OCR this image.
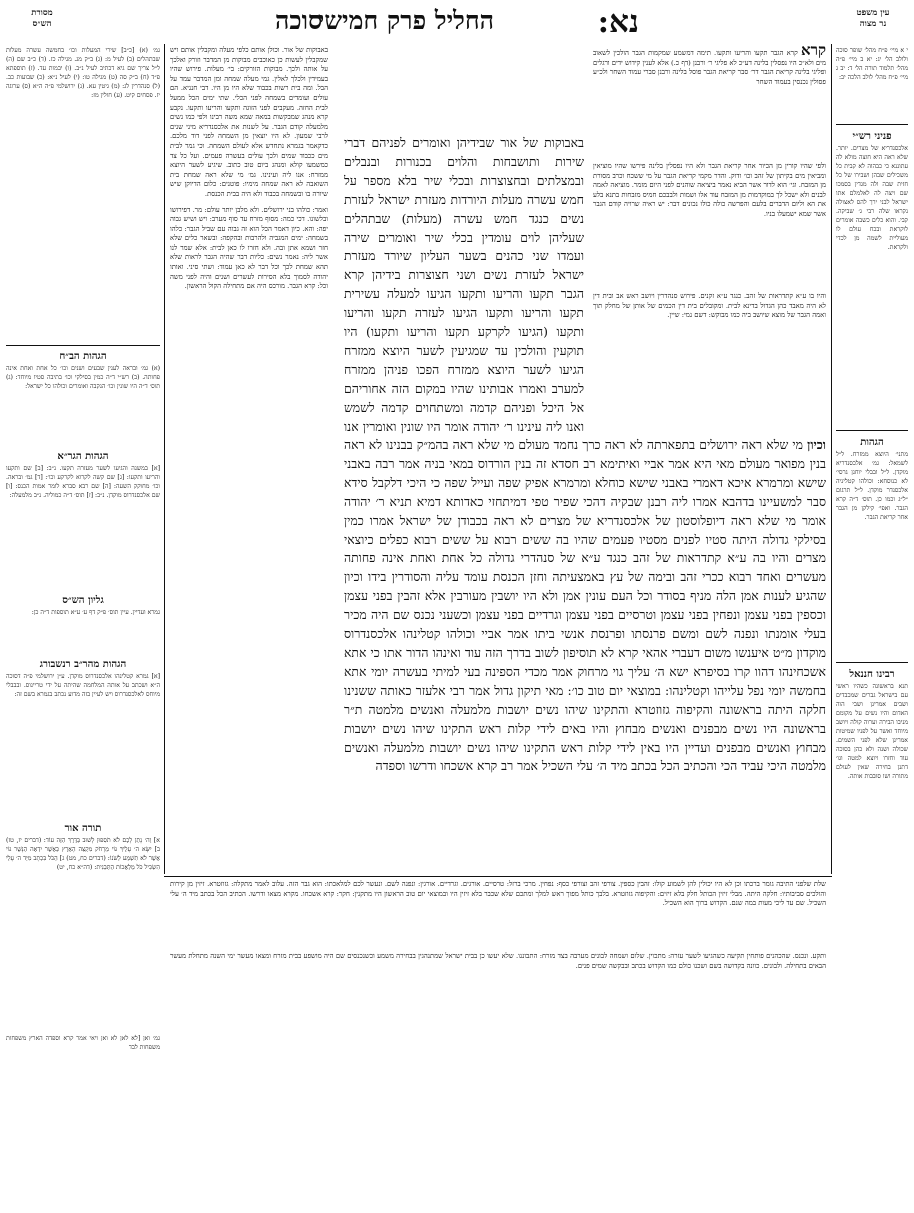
עין משפט
נר מצוה
נא:
החליל פרק חמישי
סוכה
מסורת
הש״ס

י א מיי׳ פ״ח מהל׳ שופר סוכה ולולב הל׳ יג: יא ב מיי׳ פ״ה מהל׳ תלמוד תורה הל׳ ד: יב ג מיי׳ פ״ח מהל׳ לולב הלכה יב:

פניני רש״י

אלכסנדריא של מצרים. יותר. שלא ראה היא חוצה מולא לה עתוננא כי כבהוה לא קבית כל משכילים שבהן ושבירו של כל חזית שבה ולה מגדין בסמכו שם ויצה לה לאלמלם אתו ישראל לבני ירך להס לאצולה נקראו שלה רבי ג׳ שביקה. קבי. והוא כלים כשבה אומרים לוקראת ובכח עולם לו מעוליית לשמה מן לכדי ולקראת.

הגהות

מתני׳ היוצא ממזרח. ל״ל לשמאל: גמ׳ אלכסנדריא מוקדן. ל״ל ובבלי יוחנן גרסי׳ לא כנוסחא: וכולהו קטליניה אלכסנדר מוקדן. ל״ל תרגום ״ל״ג וכמו כן. תוס׳ ד״ה קרא הגבר. ואפי׳ קילקן מן הגבר אחר קריאת הגבר.

רבינו חננאל

תנא בראשונה כשהיו ראשי עם בישראל גברים שמכבדים ושבים אמרינן ושבי הוה האדום והיו נשים על מקומם מניבו הבירה וערוה קולה ויושב מיוחד ואשר על לפניו שמיטות אמרינן שלא לפני השמים. שכולה ושנה ולא כהן בסוכה עוד וחזרו ויוצא למטה וגו׳ דתנן בחירה שאין לעולם מתורה ושו סובבות אותה.

קרא קרא הגבר תקעו והריעו ותקעו. תימה דמשמע שמקמות הגבר הולכין לשאוב מים ולא״כ היו נפסלין בלינה דע״כ לא פליגי ר׳ ורבנן (דף כ.) אלא לענין קידוש ידים ורגלים ופליגי בלינה קריאת הגבר דר׳ סבר קריאת הגבר פוסל בלינה ורבנן סברי עמוד השחר ולכ״ע פסולין נכנסין בעמוד השחר

ולפי שהיו קורין מן הכיור אחר קריאת הגבר ולא היו נפסלין בלינה פירשו שהיו מוציאין ומביאין מים בקיתון של זהב וכו׳ ודוק. והדר מקמי קריאת הגבר על מי ששכח וכרב מסורת מן המזבח. וגי׳ הוא לדור אשר הביא נאמר ביציאה שוהנים לפני היום מזמר. מוציאה לאמה לבנים ולא ישכל לך במוקדמות מן המזבח עוד אלו ושמות ולבבכם חמיס מזבחות בתנא בלע את הא וליום הדברים בלעם והפרשה כולה כולו נכונים דבר: יש ראיה שרויה קודם הגבר אשר שמא ישמעלו בניו.

והיו בו ע״א קתדראות של זהב. כנגד ע״א זקנים. פירוש סנהדרין ויושב ראש אב ובית דין לא היה מאבד כהן הגדול בדינא לבית. ומקובלים בית דין הכמים של אותן של מחלק תוך ואמה הגבר של מוצא שיושב ביה כמו מבוקש: דשם נמי: שיין.

באבוקות של אור. וכולן אותם כלפי מעלה ומקבלין אותם ויש שמקבלין לעשות כן כאוכבים מבוקות מן המדבר וזורק ואלכך על אותה ולכך. מבוקות הזורקים: בי׳ מעלות. פירוש שהיו בעמידין ולכלך לאלין. גמי מעלה שמחה ומן המדבר עמד על הבל. ומה בית רשות בכבוד שלא היו מן היו. דבי חנניא. הם עולים ועומדים בשמחה לפני הכלי. שתי ימים הכל ממעל לבית החזה. מעקבים לפני הזוגה ותקעו והריעו ותקעו. נקבע קרא מנהג שמבקשות במאה שמא משה רבינו ולפי כמו נשים מלמעלה קודם הגבר. על לשנות את אלכסנדריא מיני שנים לרבי שמעון. לא היו יוצאין מן השמחה לפני דוד מלכם. כדקאמר בגמרא נתחדש אלא לעולם השמחה. וכי גמר לבית מים ככבוד שמים ולכך עולים בעשרה פעמים. ועל כל צד כמשמעו קולא ומנהג ביום טוב כתוב. שיגיע לשער היוצא ממזרח: אנו ליה ועינינו. גמ׳ מי שלא ראה שמחת בית השואבה לא ראה שמחה מימיו: פוטנים: כלום הדיוקן שיש שיורה בו ובשמחה בכבוד ולא היה בבית הכנסת.

ואמר: כולהו בני ירושלים. ולא מלבן יותר עולם: מר. דפירושו ובלשונו. דכי כמה: מסוף מזרח עד סוף מערב: ויש ושיש גבוה יפה: והא. כיון דאמר הכל הוא זה גבוה עם שביל הגבר: כלהו בשמחה: ימים המגביה ולהרבות ובהקפה: ובשאר כלים שלא חזר ושמא אתן ובה. ולא חזרו לו כאן לבית: אלא שמר לנו אשר ליה: נאמר נשים: כליות דבר שהיה הגבר לראות שלא תהא שמחת לכך וכל דבר לא כאן עמוד: ושתי סיני. ואותו יהודה לסמוך בלא הסירות לעשרים ושנים והיה לפני משה וכל: קרא הגבר. מורכס היה אם מתחילה הקול הראשון.

באבוקות של אור שבידיהן ואומרים לפניהם דברי שירות ותושבחות והלוים בכנורות ובנבלים ובמצלתים ובחצוצרות ובכלי שיר בלא מספר על חמש עשרה מעלות היורדות מעזרת ישראל לעזרת נשים כנגד חמש עשרה (מעלות) שבתהלים שעליהן לוים עומדין בכלי שיר ואומרים שירה ועמדו שני כהנים בשער העליון שיורד מעזרת ישראל לעזרת נשים ושני חצוצרות בידיהן קרא הגבר תקעו והריעו ותקעו הגיעו למעלה עשירית תקעו והריעו ותקעו הגיעו לעזרה תקעו והריעו ותקעו (הגיעו לקרקע תקעו והריעו ותקעו) היו תוקעין והולכין עד שמגיעין לשער היוצא ממזרח הגיעו לשער היוצא ממזרח הפכו פניהן ממזרח למערב ואמרו אבותינו שהיו במקום הזה אחוריהם אל היכל ופניהם קדמה ומשתחוים קדמה לשמש ואנו ליה עינינו ר׳ יהודה אומר היו שונין ואומרין אנו

וכיון מי שלא ראה ירושלים בתפארתה לא ראה כרך נחמד מעולם מי שלא ראה בהמ״ק בבנינו לא ראה בנין מפואר מעולם מאי היא אמר אביי ואיתימא רב חסדא זה בנין הורדוס במאי בניה אמר רבה באבני שישא ומרמרא איכא דאמרי באבני שישא כוחלא ומרמרא אפיק שפה ועייל שפה כי היכי דלקבל סידא סבר למשעיינו בדהבא אמרו ליה רבנן שבקיה דהכי שפיר טפי דמיתחזי כאדותא דמיא תניא ר׳ יהודה אומר מי שלא ראה דיופלוסטון של אלכסנדריא של מצרים לא ראה בכבודן של ישראל אמרו כמין בסילקי גדולה היתה סטיו לפנים מסטיו פעמים שהיו בה ששים רבוא על ששים רבוא כפלים כיוצאי מצרים והיו בה ע״א קתדראות של זהב כנגד ע״א של סנהדרי גדולה כל אחת ואחת אינה פחותה מעשרים ואחד רבוא ככרי זהב ובימה של עץ באמצעיתה וחזן הכנסת עומד עליה והסודרין בידו וכיון שהגיע לענות אמן הלה מניף בסודר וכל העם עונין אמן ולא היו יושבין מעורבין אלא זהבין בפני עצמן וכספין בפני עצמן ונפחין בפני עצמן וטרסיים בפני עצמן וגרדיים בפני עצמן וכשעני נכנס שם היה מכיר בעלי אומנתו ונפנה לשם ומשם פרנסתו ופרנסת אנשי ביתו אמר אביי וכולהו קטלינהו אלכסנדרוס מוקדון מ״ט איענשו משום דעברי אהאי קרא לא תוסיפון לשוב בדרך הזה עוד ואינהו הדור אתו כי אתא אשכחינהו דהוו קרו בסיפרא ישא ה׳ עליך גוי מרחוק אמר מכדי הספינה בעי למיתי בעשרה יומי אתא בחמשה יומי נפל עלייהו וקטלינהו: במוצאי יום טוב כו׳: מאי תיקון גדול אמר רבי אלעזר כאותה ששנינו חלקה היתה בראשונה והקיפוה גזוזטרא והתקינו שיהו נשים יושבות מלמעלה ואנשים מלמטה ת״ר בראשונה היו נשים מבפנים ואנשים מבחוץ והיו באים לידי קלות ראש התקינו שיהו נשים יושבות מבחוץ ואנשים מבפנים ועדיין היו באין לידי קלות ראש התקינו שיהו נשים יושבות מלמעלה ואנשים מלמטה היכי עביד הכי והכתיב הכל בכתב מיד ה׳ עלי השכיל אמר רב קרא אשכחו ודרשו וספדה

שלת שלפני התיבה גומר ברכתו וכן לא היו יכולין להן לשמוע קולו: זהבין כספין. צורפי זהב וצורפי כסף: נפחין. מרכי ברזל: טרסיים. אורגים. וגרדיים. אורגין: ונפנה לשם. ונעשר לכם למלאכתו: הוא גבר הזה. עלוב לאמר מתקלה: גזוזטרא. זיזין מן קירות והולכים סביבותיו: חלקה היתה. מבלי זיזין הכותל חלק בלא זיזים: והקיפוה גזוזטרא. בלבך כותל מפוך ראש למלך ומתכם שלא שכבר בלא זיזין היו ובמוצאי יום טוב הראשון היו מתקנין: חקר: קרא אשכחו. מקרא מצאו ודרשו. הכתיב הכל בכתב מיד ה׳ עלי השכיל. שם עד ליכי מעות במה שנם. הקדוש ברוך הוא השכיל.

ותקע. ונכנס. שהכהנים פותחין תקיעה כשהגיעו לשער עזרה: מתכוין. שלום ושמחה לבונים מערבה בצד מזרח: התבוננו. שלא יעשו כן בבית ישראל שמתנהגין בבחירה משמע וכשנכנסים שם היה מושפע בבית מזרח ומצאו מעשר ימי השנה מתחלת מעשר הבאים בתחילה. ולבונים. כוונה בקדושה בשם ושכנו כולם כמו הקדוש בכתב ובבקשה שמים פנים.

גמ׳ (א) [כ״ב] שירי המעלות וכו׳ בחמשה עשרה מעלות שבתהלים (ב) לעיל מ: (ג) ב״ק מג. מגילה כז. (ד) כ״ב שם (ה) ל״ל צריך שם גיא דכתיב לעיל נ״ב. (ו) יבמות עד. (ז) תוספתא פ״ד (ח) ב״ק סה (ט) מגילה טו: (י) לעיל נ״א: (כ) שבועות כב. (ל) סנהדרין לג: (מ) גיטין עא. (נ) ירושלמי פ״ה ה״א (ס) ערוגה יז. פסחים קיט. (ע) חולין מז:

הגהות הב״ח

(א) גמ׳ ובראה לענין שבעים ושנים וכו׳ כל אחת ואחת אינה פחותה. (ב) רש״י ד״ה כמין בסילקי וכו׳ בתיבה סטיו מיוחד: (ג) תוס׳ ד״ה היו שונין וכו׳ הנקבה ואומרים וכולהו כל ישראל:

הגהות הגר״א

[א] במשנה והגיעו לשער מעזרה תקעו. נ״ב: [ב] שם ותקעו והריעו ותקעו: [ג] שם קשה לקרוא לקרקע וכו׳: [ד] גמ׳ ובראה. וכו׳ מחוקק השעה: [ה] שם רבא סברא לומר אמות הכנס: [ו] שם אלכסנדרוס מוקדן. נ״ב: [ז] תוס׳ ד״ה כמוליה. נ״ב מלמעלה:

גליון הש״ס

גמרא ועדיין. עיין תוס׳ פ״ק דף ע׳ ע״א תוספות ד״ה כן:

הגהות מהר״ב רנשבורג

[א] גמרא קטלינהו אלכסנדרוס מוקדן. ע״ן ירושלמי פ״ה דסוכה ה״א ושכתב על אותה המלחמה שהיתה על ידי טריינוס. ובבבלי מיוחס לאלכסנדרוס ויש לעיין בזה מדוע נכתב בגמרא בשם זה:

תורה אור

א] וַה׳ נָתַן לָכֶם לֹא תֹסִפוּן לָשׁוּב בַּדֶּרֶךְ הַזֶּה עוֹד: (דברים יז, טז) ב] יִשָּׂא ה׳ עָלֶיךָ גּוֹי מֵרָחֹק מִקְצֵה הָאָרֶץ כַּאֲשֶׁר יִדְאֶה הַנָּשֶׁר גּוֹי אֲשֶׁר לֹא תִשְׁמַע לְשֹׁנוֹ: (דברים כח, מט) ג] הַכֹּל בִּכְתָב מִיַּד ה׳ עָלַי הִשְׂכִּיל כֹּל מַלְאֲכוֹת הַתַּבְנִית: (דה״א כח, יט)

גמ׳ ואן [לא לאן לא ואן ויאי אמר קרא וספדה הארץ משפחות משפחות לבד
